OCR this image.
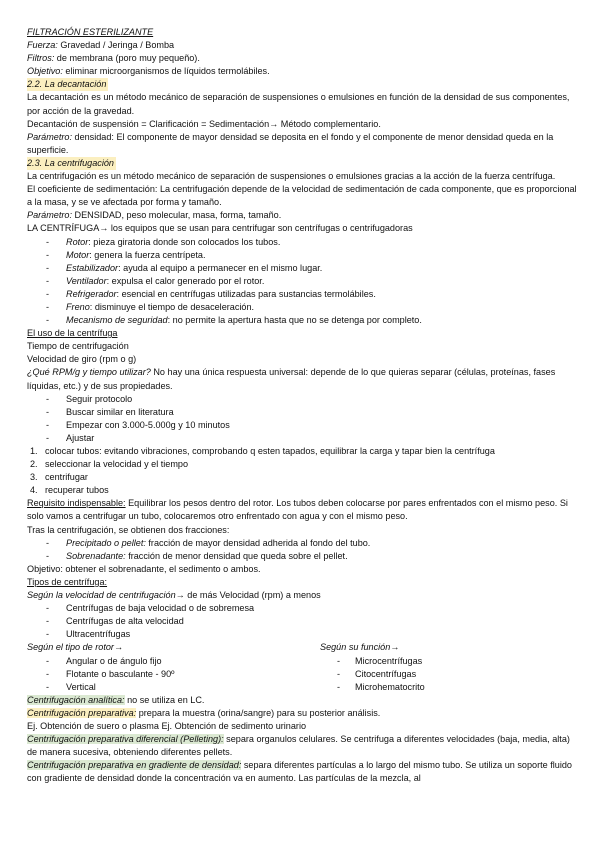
FILTRACIÓN ESTERILIZANTE

Fuerza: Gravedad / Jeringa / Bomba

Filtros: de membrana (poro muy pequeño).

Objetivo: eliminar microorganismos de líquidos termolábiles.

2.2. La decantación

La decantación es un método mecánico de separación de suspensiones o emulsiones en función de la densidad de sus componentes, por acción de la gravedad.

Decantación de suspensión = Clarificación = Sedimentación→ Método complementario.

Parámetro: densidad: El componente de mayor densidad se deposita en el fondo y el componente de menor densidad queda en la superficie.

2.3. La centrifugación

La centrifugación es un método mecánico de separación de suspensiones o emulsiones gracias a la acción de la fuerza centrífuga.

El coeficiente de sedimentación: La centrifugación depende de la velocidad de sedimentación de cada componente, que es proporcional a la masa, y se ve afectada por forma y tamaño.

Parámetro: DENSIDAD, peso molecular, masa, forma, tamaño.

LA CENTRÍFUGA→ los equipos que se usan para centrifugar son centrífugas o centrifugadoras

- Rotor: pieza giratoria donde son colocados los tubos.

- Motor: genera la fuerza centrípeta.

- Estabilizador: ayuda al equipo a permanecer en el mismo lugar.

- Ventilador: expulsa el calor generado por el rotor.

- Refrigerador: esencial en centrífugas utilizadas para sustancias termolábiles.

- Freno: disminuye el tiempo de desaceleración.

- Mecanismo de seguridad: no permite la apertura hasta que no se detenga por completo.

El uso de la centrífuga

Tiempo de centrifugación

Velocidad de giro (rpm o g)

¿Qué RPM/g y tiempo utilizar? No hay una única respuesta universal: depende de lo que quieras separar (células, proteínas, fases líquidas, etc.) y de sus propiedades.

- Seguir protocolo

- Buscar similar en literatura

- Empezar con 3.000-5.000g y 10 minutos

- Ajustar

1. colocar tubos: evitando vibraciones, comprobando q esten tapados, equilibrar la carga y tapar bien la centrífuga

2. seleccionar la velocidad y el tiempo

3. centrifugar

4. recuperar tubos

Requisito indispensable: Equilibrar los pesos dentro del rotor. Los tubos deben colocarse por pares enfrentados con el mismo peso. Si solo vamos a centrifugar un tubo, colocaremos otro enfrentado con agua y con el mismo peso.

Tras la centrifugación, se obtienen dos fracciones:

- Precipitado o pellet: fracción de mayor densidad adherida al fondo del tubo.

- Sobrenadante: fracción de menor densidad que queda sobre el pellet.

Objetivo: obtener el sobrenadante, el sedimento o ambos.

Tipos de centrífuga:

Según la velocidad de centrifugación→ de más Velocidad (rpm) a menos

- Centrífugas de baja velocidad o de sobremesa

- Centrífugas de alta velocidad

- Ultracentrífugas

Según el tipo de rotor→

- Angular o de ángulo fijo

- Flotante o basculante - 90º

- Vertical

Según su función→

- Microcentrífugas

- Citocentrífugas

- Microhematocrito

Centrifugación analítica: no se utiliza en LC.

Centrifugación preparativa: prepara la muestra (orina/sangre) para su posterior análisis.

Ej. Obtención de suero o plasma Ej. Obtención de sedimento urinario

Centrifugación preparativa diferencial (Pelleting): separa organulos celulares. Se centrifuga a diferentes velocidades (baja, media, alta) de manera sucesiva, obteniendo diferentes pellets.

Centrifugación preparativa en gradiente de densidad: separa diferentes partículas a lo largo del mismo tubo. Se utiliza un soporte fluido con gradiente de densidad donde la concentración va en aumento. Las partículas de la mezcla, al
